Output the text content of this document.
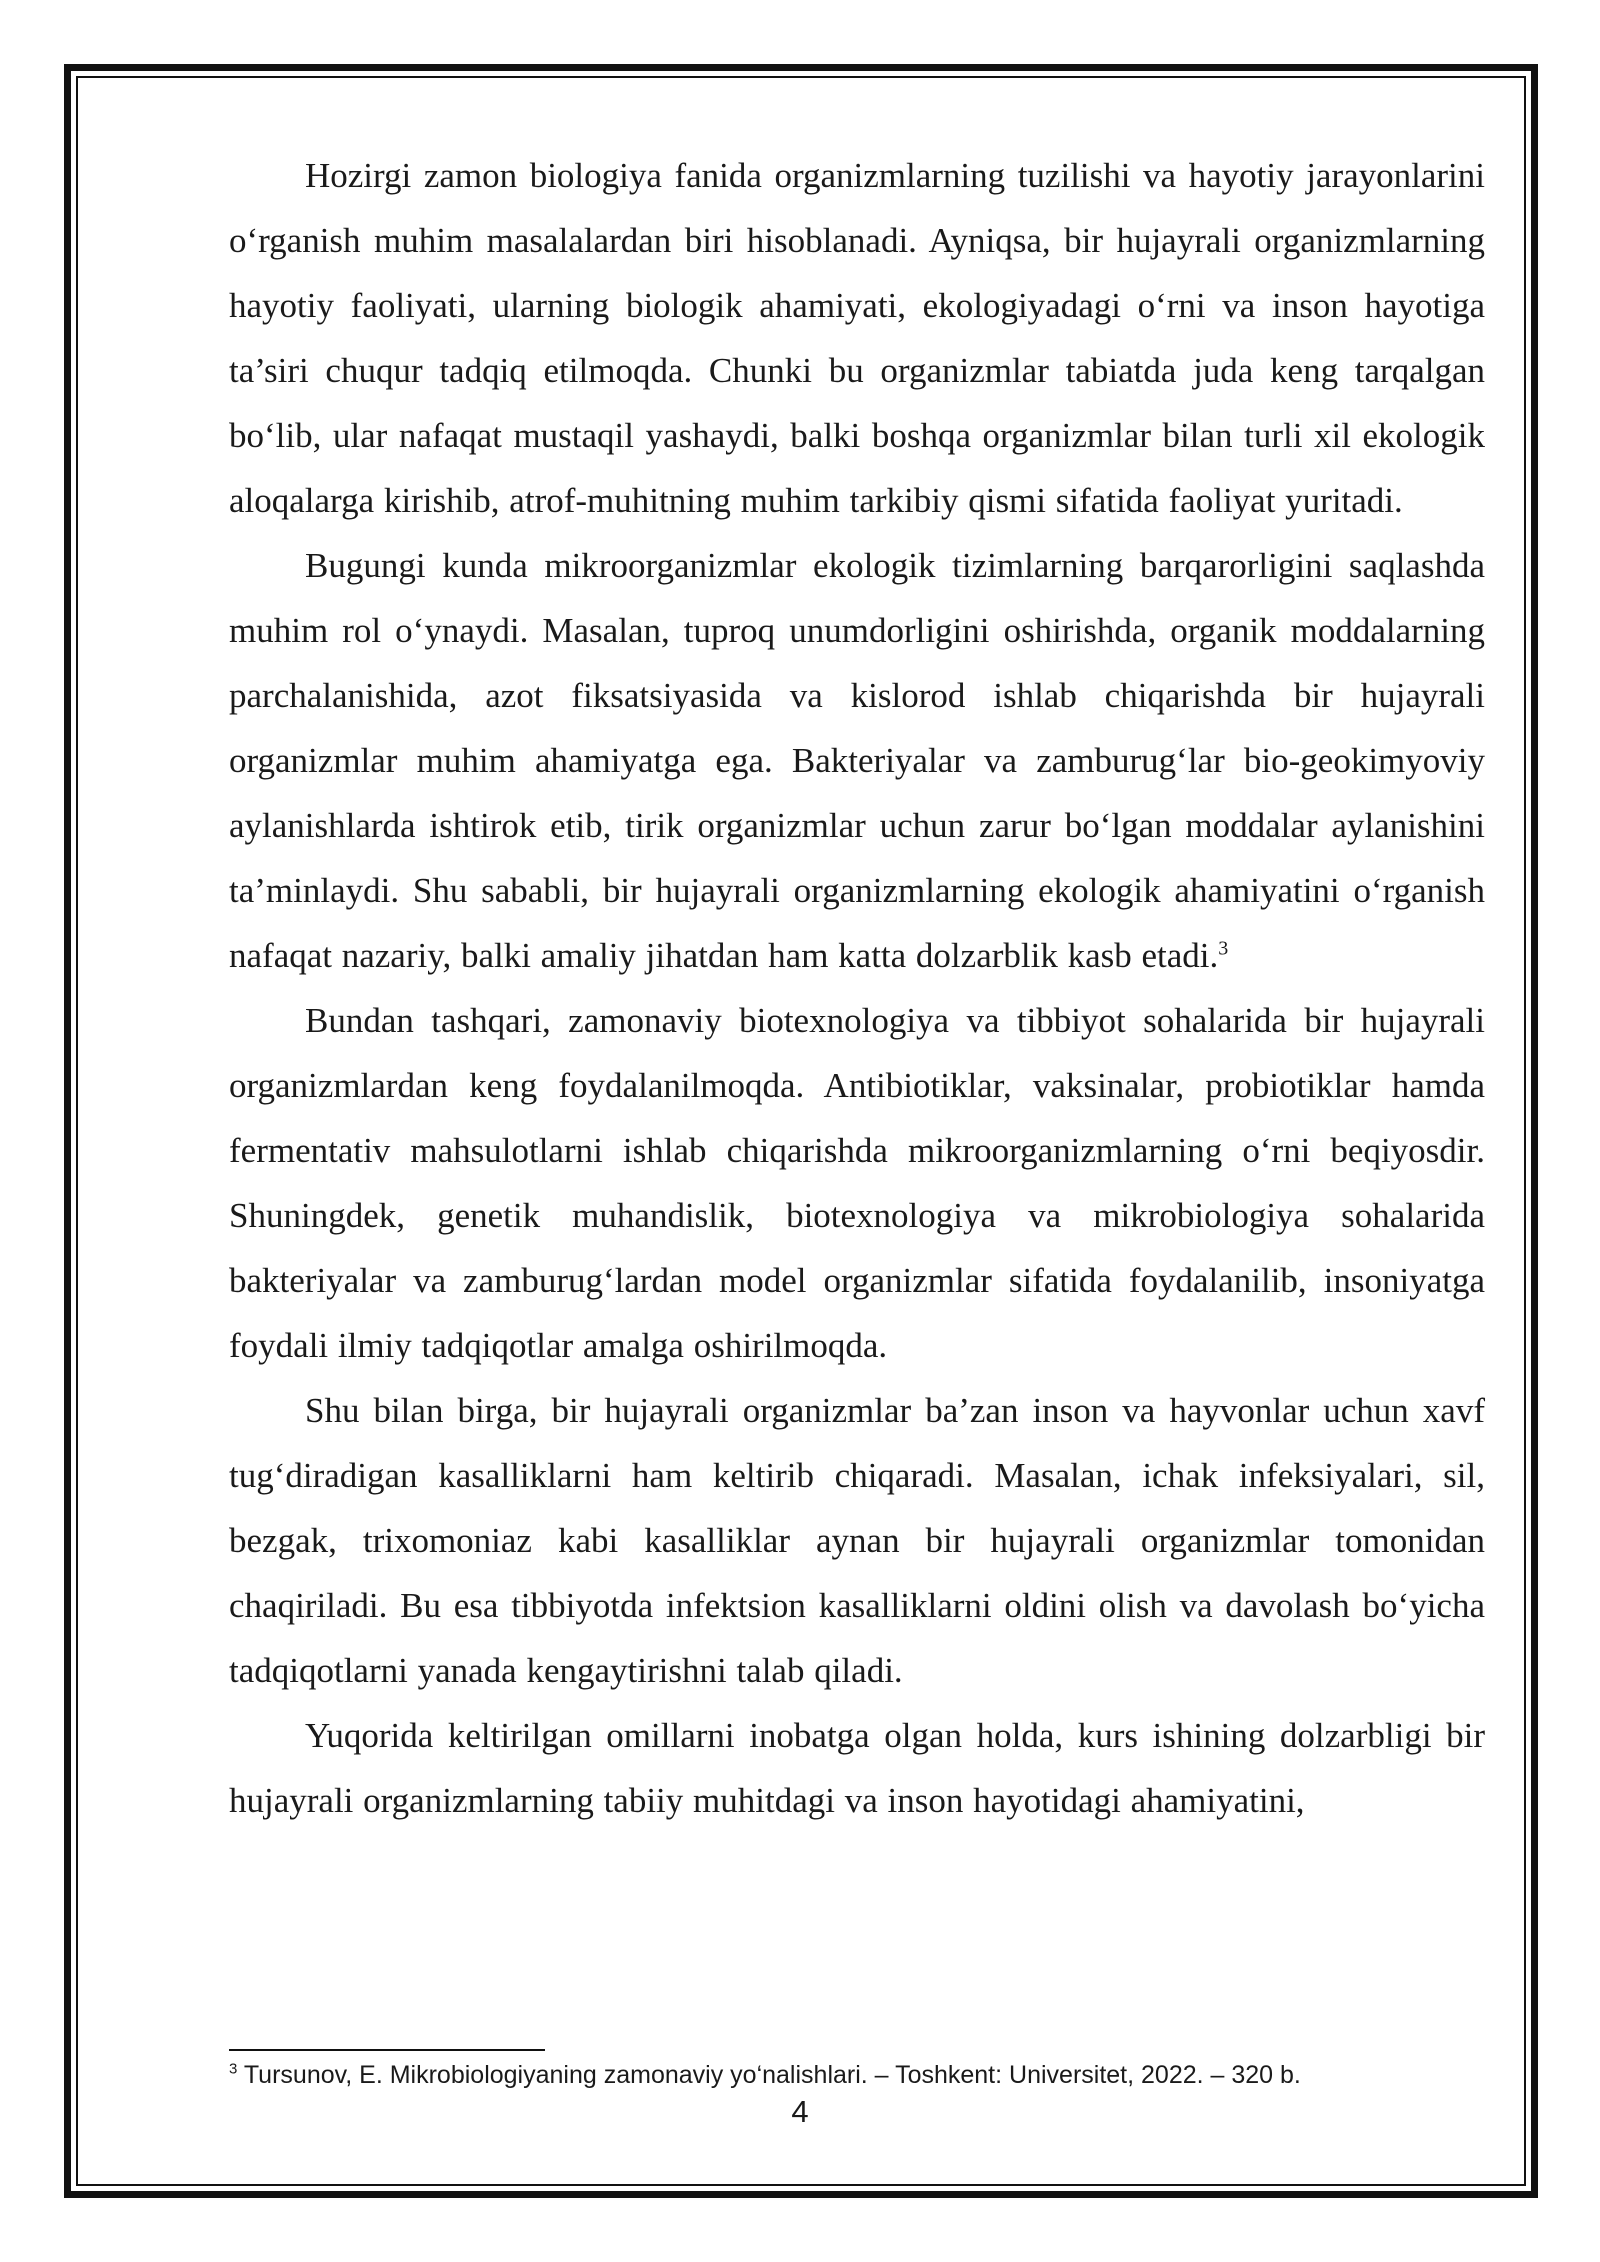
Hozirgi zamon biologiya fanida organizmlarning tuzilishi va hayotiy jarayonlarini o‘rganish muhim masalalardan biri hisoblanadi. Ayniqsa, bir hujayrali organizmlarning hayotiy faoliyati, ularning biologik ahamiyati, ekologiyadagi o‘rni va inson hayotiga ta’siri chuqur tadqiq etilmoqda. Chunki bu organizmlar tabiatda juda keng tarqalgan bo‘lib, ular nafaqat mustaqil yashaydi, balki boshqa organizmlar bilan turli xil ekologik aloqalarga kirishib, atrof-muhitning muhim tarkibiy qismi sifatida faoliyat yuritadi.

Bugungi kunda mikroorganizmlar ekologik tizimlarning barqarorligini saqlashda muhim rol o‘ynaydi. Masalan, tuproq unumdorligini oshirishda, organik moddalarning parchalanishida, azot fiksatsiyasida va kislorod ishlab chiqarishda bir hujayrali organizmlar muhim ahamiyatga ega. Bakteriyalar va zamburug‘lar bio-geokimyoviy aylanishlarda ishtirok etib, tirik organizmlar uchun zarur bo‘lgan moddalar aylanishini ta’minlaydi. Shu sababli, bir hujayrali organizmlarning ekologik ahamiyatini o‘rganish nafaqat nazariy, balki amaliy jihatdan ham katta dolzarblik kasb etadi.$^3$

Bundan tashqari, zamonaviy biotexnologiya va tibbiyot sohalarida bir hujayrali organizmlardan keng foydalanilmoqda. Antibiotiklar, vaksinalar, probiotiklar hamda fermentativ mahsulotlarni ishlab chiqarishda mikroorganizmlarning o‘rni beqiyosdir. Shuningdek, genetik muhandislik, biotexnologiya va mikrobiologiya sohalarida bakteriyalar va zamburug‘lardan model organizmlar sifatida foydalanilib, insoniyatga foydali ilmiy tadqiqotlar amalga oshirilmoqda.

Shu bilan birga, bir hujayrali organizmlar ba’zan inson va hayvonlar uchun xavf tug‘diradigan kasalliklarni ham keltirib chiqaradi. Masalan, ichak infeksiyalari, sil, bezgak, trixomoniaz kabi kasalliklar aynan bir hujayrali organizmlar tomonidan chaqiriladi. Bu esa tibbiyotda infektsion kasalliklarni oldini olish va davolash bo‘yicha tadqiqotlarni yanada kengaytirishni talab qiladi.

Yuqorida keltirilgan omillarni inobatga olgan holda, kurs ishining dolzarbligi bir hujayrali organizmlarning tabiiy muhitdagi va inson hayotidagi ahamiyatini,

$^3$ Tursunov, E. Mikrobiologiyaning zamonaviy yo‘nalishlari. – Toshkent: Universitet, 2022. – 320 b.
4
